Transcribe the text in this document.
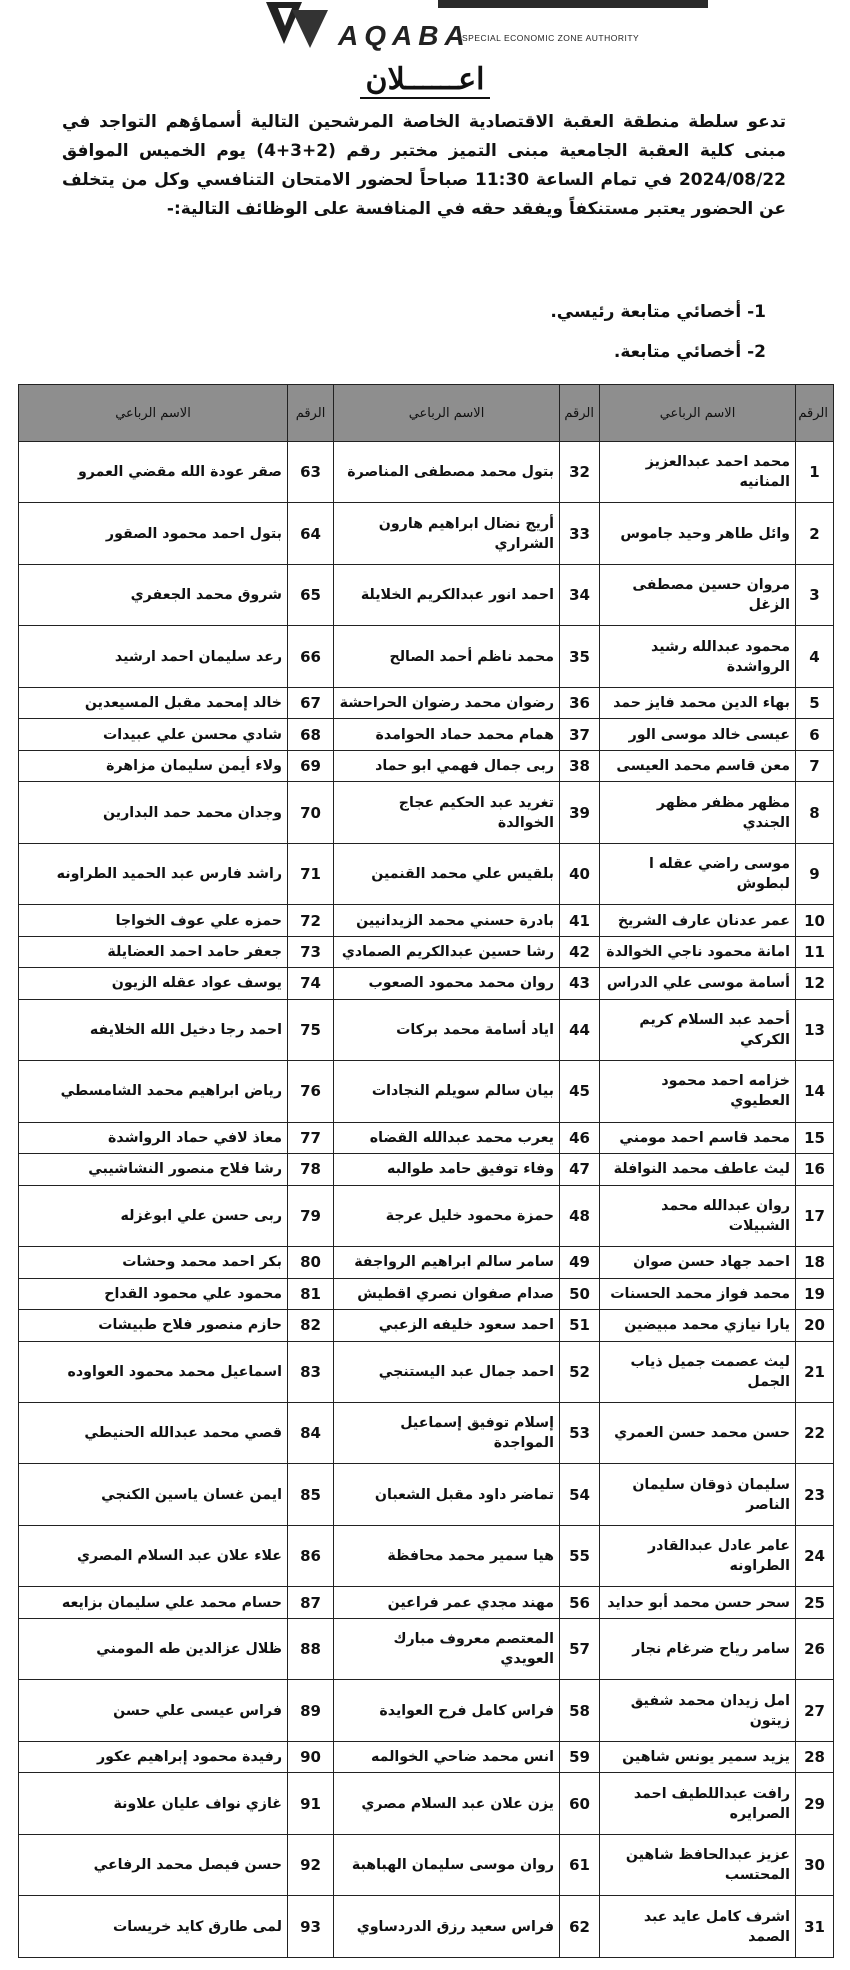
AQABA
SPECIAL ECONOMIC ZONE AUTHORITY
اعــــــلان
تدعو سلطة منطقة العقبة الاقتصادية الخاصة المرشحين التالية أسماؤهم التواجد في مبنى كلية العقبة الجامعية مبنى التميز مختبر رقم (2+3+4) يوم الخميس الموافق 2024/08/22 في تمام الساعة 11:30 صباحاً لحضور الامتحان التنافسي وكل من يتخلف عن الحضور يعتبر مستنكفاً ويفقد حقه في المنافسة على الوظائف التالية:-
1- أخصائي متابعة رئيسي.
2- أخصائي متابعة.
الرقم	الاسم الرباعي	الرقم	الاسم الرباعي	الرقم	الاسم الرباعي
1	محمد احمد عبدالعزيز المنانيه	32	بتول محمد مصطفى المناصرة	63	صقر عودة الله مقضي العمرو
2	وائل طاهر وحيد جاموس	33	أريج نضال ابراهيم هارون الشراري	64	بتول احمد محمود الصقور
3	مروان حسين مصطفى الزغل	34	احمد انور عبدالكريم الخلايلة	65	شروق محمد الجعفري
4	محمود عبدالله رشيد الرواشدة	35	محمد ناظم أحمد الصالح	66	رعد سليمان احمد ارشيد
5	بهاء الدين محمد فايز حمد	36	رضوان محمد رضوان الحراحشة	67	خالد إمحمد مقبل المسيعدين
6	عيسى خالد موسى الور	37	همام محمد حماد الحوامدة	68	شادي محسن علي عبيدات
7	معن قاسم محمد العيسى	38	ربى جمال فهمي ابو حماد	69	ولاء أيمن سليمان مزاهرة
8	مظهر مظفر مظهر الجندي	39	تغريد عبد الحكيم عجاج الخوالدة	70	وجدان محمد حمد البدارين
9	موسى راضي عقله ا لبطوش	40	بلقيس علي محمد القنمين	71	راشد فارس عبد الحميد الطراونه
10	عمر عدنان عارف الشريخ	41	بادرة حسني محمد الزيدانيين	72	حمزه علي عوف الخواجا
11	امانة محمود ناجي الخوالدة	42	رشا حسين عبدالكريم الصمادي	73	جعفر حامد احمد العضايلة
12	أسامة موسى علي الدراس	43	روان محمد محمود الصعوب	74	يوسف عواد عقله الزيون
13	أحمد عبد السلام كريم الكركي	44	اياد أسامة محمد بركات	75	احمد رجا دخيل الله الخلايفه
14	خزامه احمد محمود العطيوي	45	بيان سالم سويلم النجادات	76	رياض ابراهيم محمد الشامسطي
15	محمد قاسم احمد مومني	46	يعرب محمد عبدالله القضاه	77	معاذ لافي حماد الرواشدة
16	ليث عاطف محمد النوافلة	47	وفاء توفيق حامد طوالبه	78	رشا فلاح منصور النشاشيبي
17	روان عبدالله محمد الشبيلات	48	حمزة محمود خليل عرجة	79	ربى حسن علي ابوغزله
18	احمد جهاد حسن صوان	49	سامر سالم ابراهيم الرواجفة	80	بكر احمد محمد وحشات
19	محمد فواز محمد الحسنات	50	صدام صفوان نصري اقطيش	81	محمود علي محمود القداح
20	يارا نيازي محمد مبيضين	51	احمد سعود خليفه الزعبي	82	حازم منصور فلاح طبيشات
21	ليث عصمت جميل ذياب الجمل	52	احمد جمال عبد اليستنجي	83	اسماعيل محمد محمود العواوده
22	حسن محمد حسن العمري	53	إسلام توفيق إسماعيل المواجدة	84	قصي محمد عبدالله الحنيطي
23	سليمان ذوقان سليمان الناصر	54	تماضر داود مقبل الشعبان	85	ايمن غسان ياسين الكنجي
24	عامر عادل عبدالقادر الطراونه	55	هيا سمير محمد محافظة	86	علاء علان عبد السلام المصري
25	سحر حسن محمد أبو حدايد	56	مهند مجدي عمر فراعين	87	حسام محمد علي سليمان بزايعه
26	سامر رياح ضرغام نجار	57	المعتصم معروف مبارك العويدي	88	ظلال عزالدين طه المومني
27	امل زيدان محمد شفيق زيتون	58	فراس كامل فرح العوايدة	89	فراس عيسى علي حسن
28	يزيد سمير يونس شاهين	59	انس محمد ضاحي الخوالمه	90	رفيدة محمود إبراهيم عكور
29	رافت عبداللطيف احمد الصرايره	60	يزن علان عبد السلام مصري	91	غازي نواف عليان علاونة
30	عزيز عبدالحافظ شاهين المحتسب	61	روان موسى سليمان الهباهبة	92	حسن فيصل محمد الرفاعي
31	اشرف كامل عايد عبد الصمد	62	فراس سعيد رزق الدردساوي	93	لمى طارق كايد خريسات
